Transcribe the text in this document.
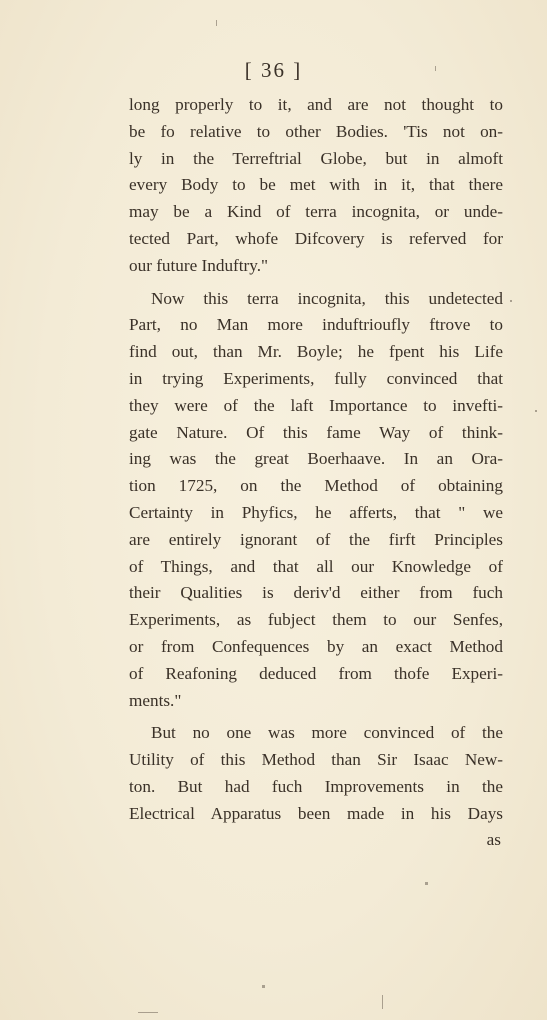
[ 36 ]
long properly to it, and are not thought to
be fo relative to other Bodies. 'Tis not on-
ly in the Terreftrial Globe, but in almoft
every Body to be met with in it, that there
may be a Kind of terra incognita, or unde-
tected Part, whofe Difcovery is referved for
our future Induftry."
Now this terra incognita, this undetected
Part, no Man more induftrioufly ftrove to
find out, than Mr. Boyle; he fpent his Life
in trying Experiments, fully convinced that
they were of the laft Importance to invefti-
gate Nature. Of this fame Way of think-
ing was the great Boerhaave. In an Ora-
tion 1725, on the Method of obtaining
Certainty in Phyfics, he afferts, that " we
are entirely ignorant of the firft Principles
of Things, and that all our Knowledge of
their Qualities is deriv'd either from fuch
Experiments, as fubject them to our Senfes,
or from Confequences by an exact Method
of Reafoning deduced from thofe Experi-
ments."
But no one was more convinced of the
Utility of this Method than Sir Isaac New-
ton. But had fuch Improvements in the
Electrical Apparatus been made in his Days
as
